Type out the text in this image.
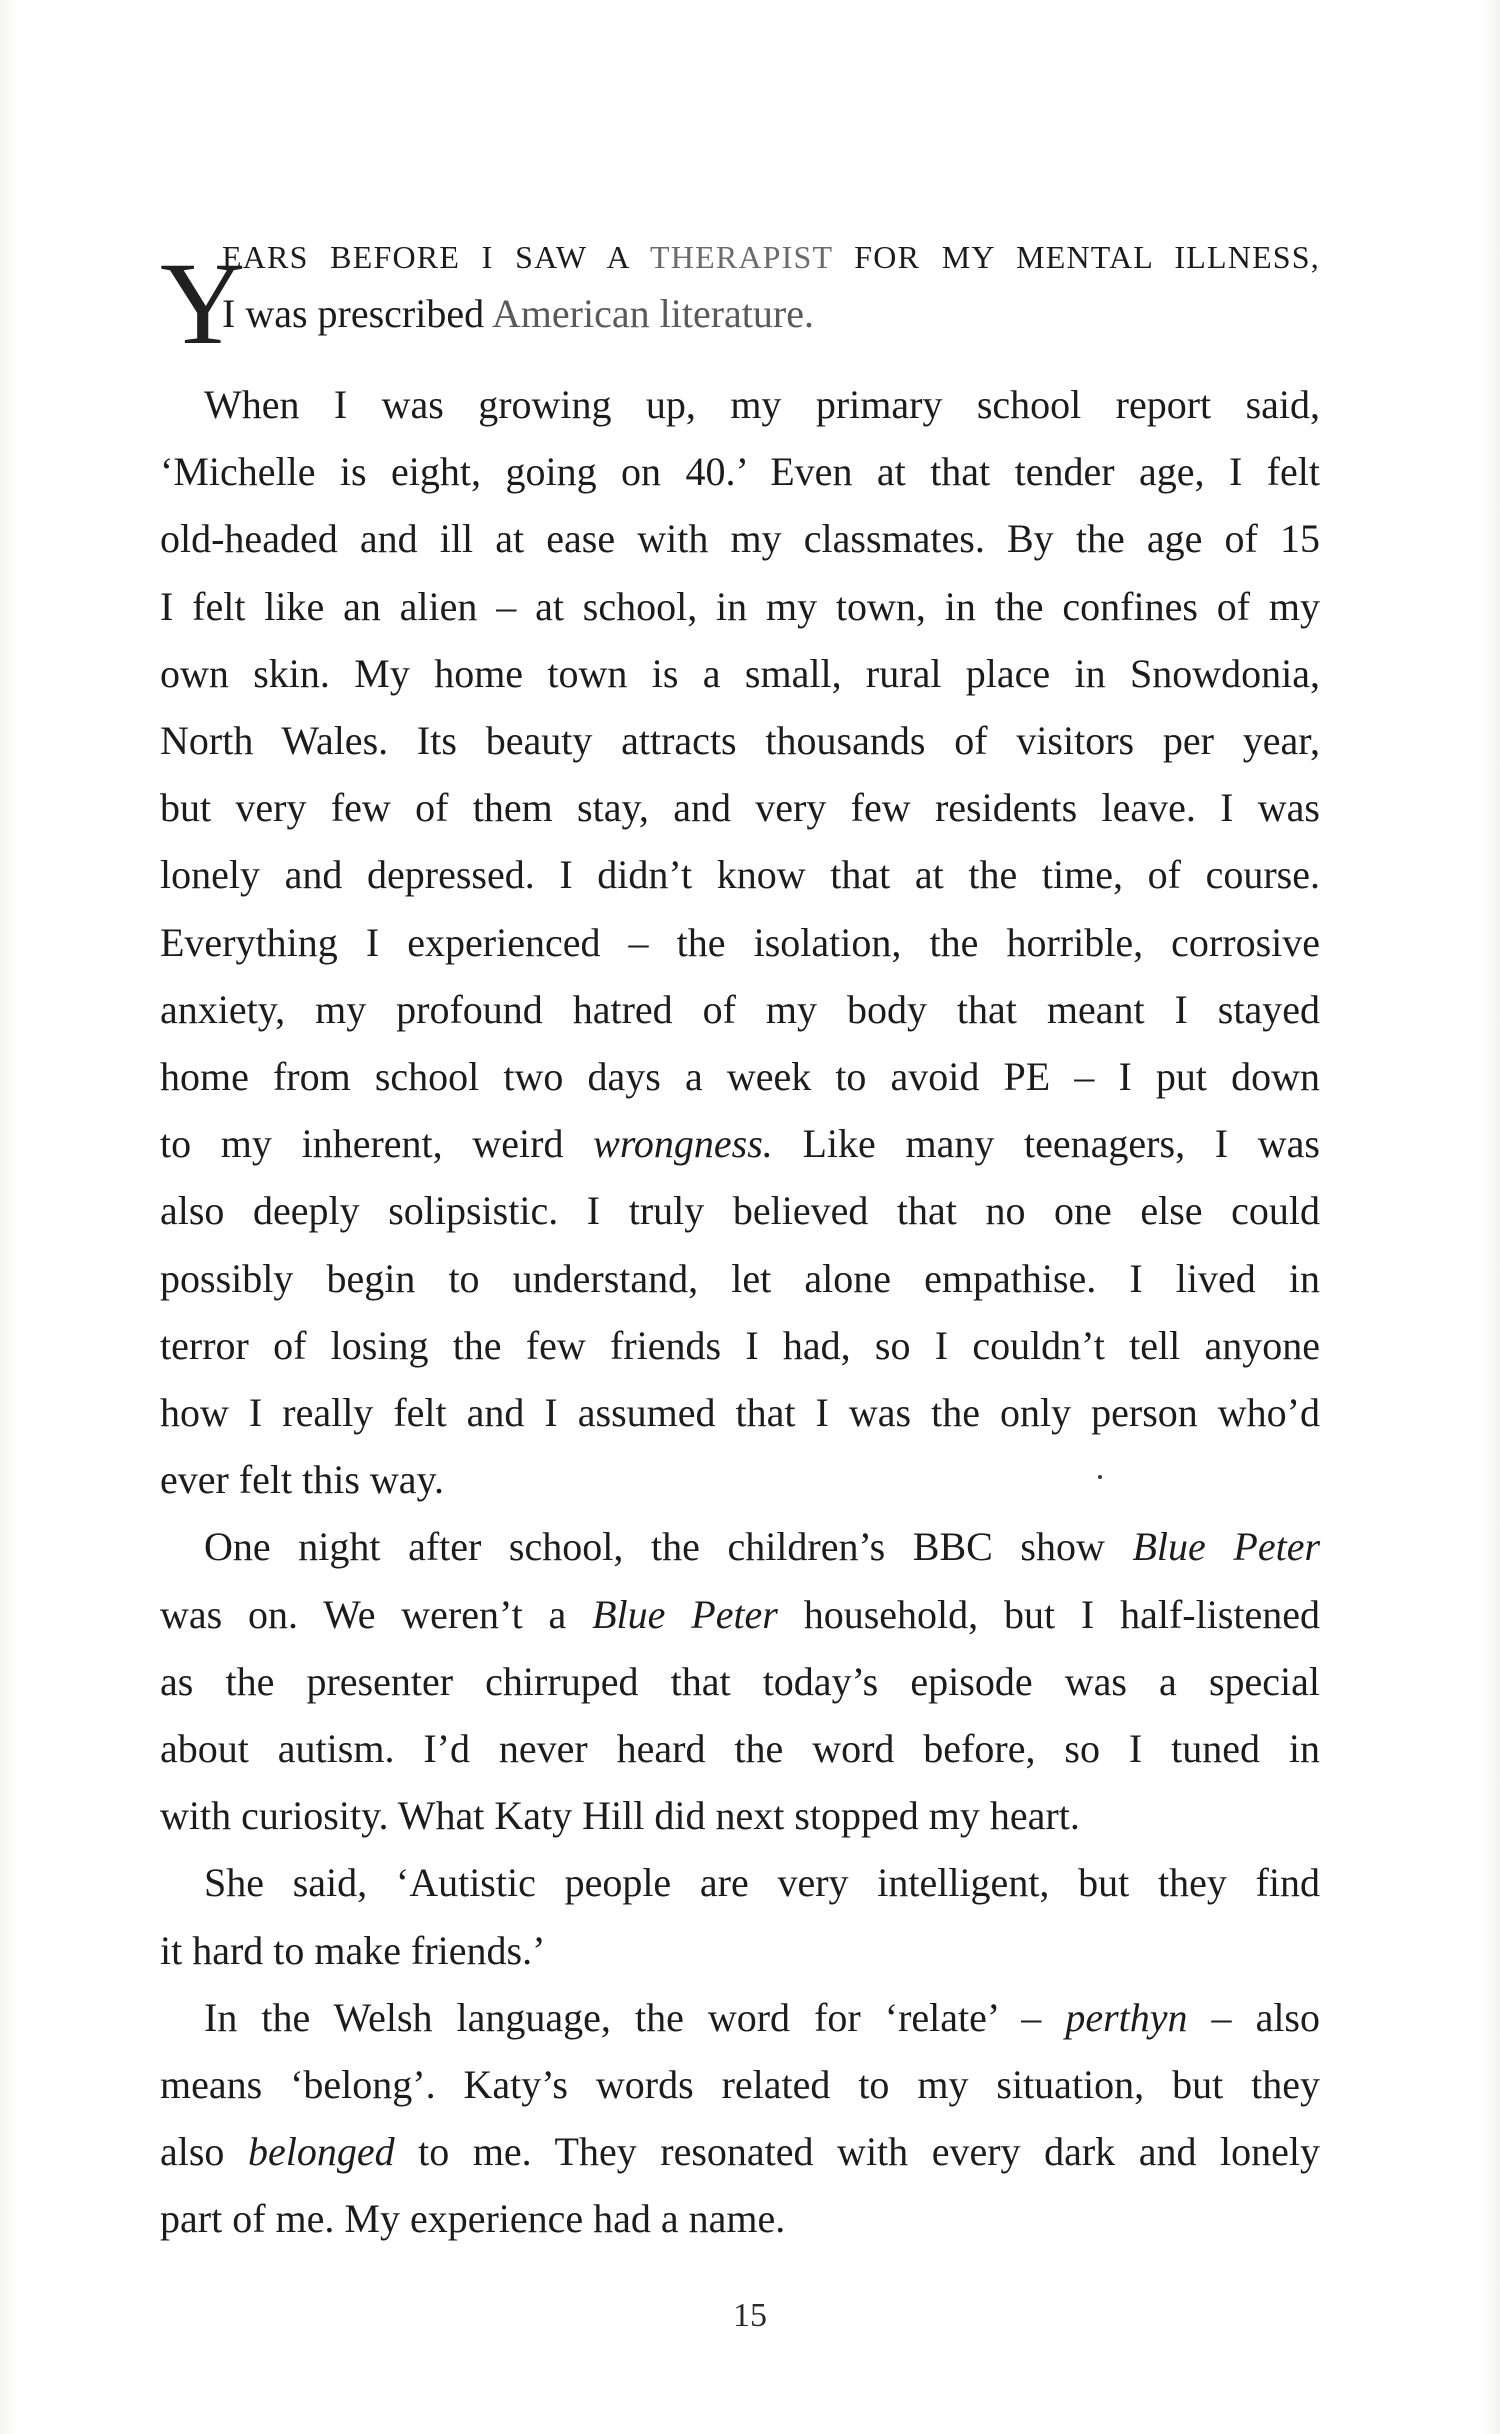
Y
EARS BEFORE I SAW A THERAPIST FOR MY MENTAL ILLNESS,
I was prescribed American literature.
When I was growing up, my primary school report said,
‘Michelle is eight, going on 40.’ Even at that tender age, I felt
old-headed and ill at ease with my classmates. By the age of 15
I felt like an alien – at school, in my town, in the confines of my
own skin. My home town is a small, rural place in Snowdonia,
North Wales. Its beauty attracts thousands of visitors per year,
but very few of them stay, and very few residents leave. I was
lonely and depressed. I didn’t know that at the time, of course.
Everything I experienced – the isolation, the horrible, corrosive
anxiety, my profound hatred of my body that meant I stayed
home from school two days a week to avoid PE – I put down
to my inherent, weird wrongness. Like many teenagers, I was
also deeply solipsistic. I truly believed that no one else could
possibly begin to understand, let alone empathise. I lived in
terror of losing the few friends I had, so I couldn’t tell anyone
how I really felt and I assumed that I was the only person who’d
ever felt this way.
One night after school, the children’s BBC show Blue Peter
was on. We weren’t a Blue Peter household, but I half-listened
as the presenter chirruped that today’s episode was a special
about autism. I’d never heard the word before, so I tuned in
with curiosity. What Katy Hill did next stopped my heart.
She said, ‘Autistic people are very intelligent, but they find
it hard to make friends.’
In the Welsh language, the word for ‘relate’ – perthyn – also
means ‘belong’. Katy’s words related to my situation, but they
also belonged to me. They resonated with every dark and lonely
part of me. My experience had a name.
15
